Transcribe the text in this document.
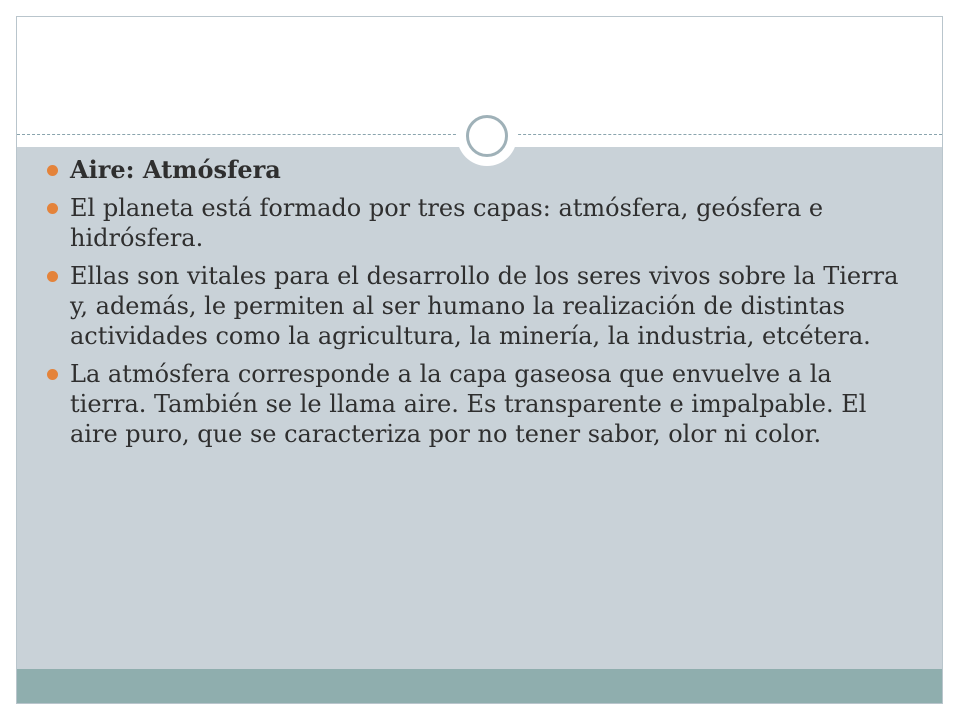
Aire: Atmósfera
El planeta está formado por tres capas: atmósfera, geósfera e hidrósfera.
Ellas son vitales para el desarrollo de los seres vivos sobre la Tierra y, además, le permiten al ser humano la realización de distintas actividades como la agricultura, la minería, la industria, etcétera.
La atmósfera corresponde a la capa gaseosa que envuelve a la tierra. También se le llama aire. Es transparente e impalpable. El aire puro, que se caracteriza por no tener sabor, olor ni color.
